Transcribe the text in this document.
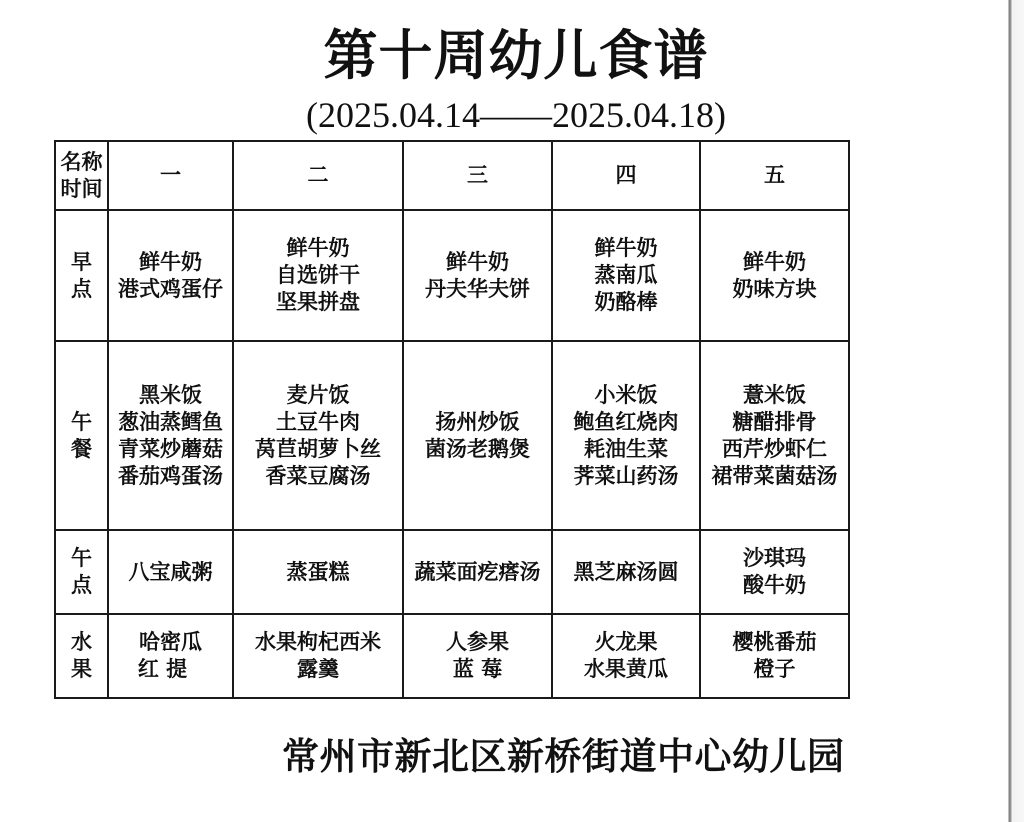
第十周幼儿食谱
(2025.04.14——2025.04.18)
名称
时间	一	二	三	四	五

早
点	鲜牛奶
港式鸡蛋仔	鲜牛奶
自选饼干
坚果拼盘	鲜牛奶
丹夫华夫饼	鲜牛奶
蒸南瓜
奶酪棒	鲜牛奶
奶味方块

午
餐	黑米饭
葱油蒸鳕鱼
青菜炒蘑菇
番茄鸡蛋汤	麦片饭
土豆牛肉
莴苣胡萝卜丝
香菜豆腐汤	扬州炒饭
菌汤老鹅煲	小米饭
鲍鱼红烧肉
耗油生菜
荠菜山药汤	薏米饭
糖醋排骨
西芹炒虾仁
裙带菜菌菇汤

午
点	八宝咸粥	蒸蛋糕	蔬菜面疙瘩汤	黑芝麻汤圆	沙琪玛
酸牛奶

水
果	哈密瓜
红 提	水果枸杞西米
露羹	人参果
蓝 莓	火龙果
水果黄瓜	樱桃番茄
橙子
常州市新北区新桥街道中心幼儿园
